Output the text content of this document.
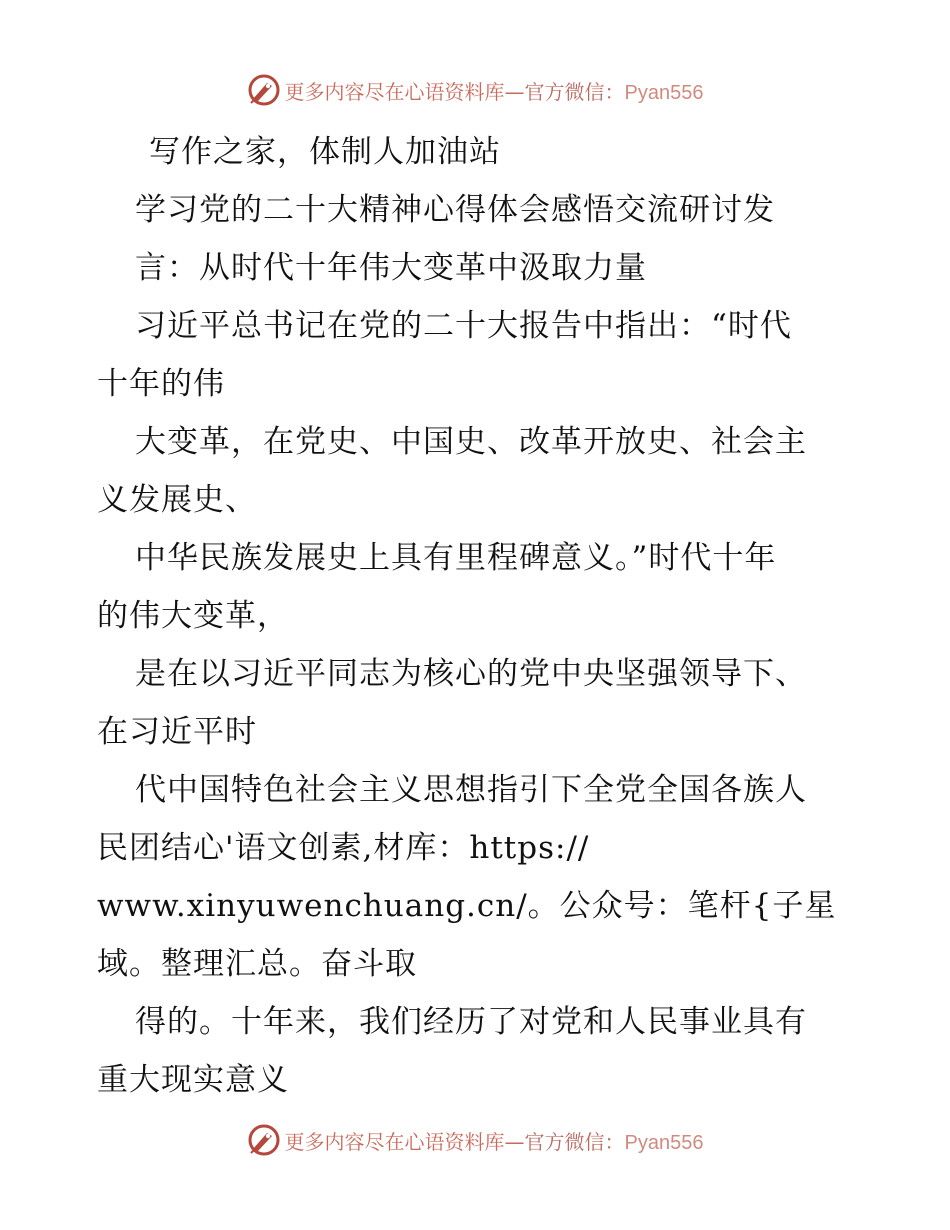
更多内容尽在心语资料库—官方微信：Pyan556
写作之家，体制人加油站
学习党的二十大精神心得体会感悟交流研讨发
言：从时代十年伟大变革中汲取力量
习近平总书记在党的二十大报告中指出：“时代
十年的伟
大变革，在党史、中国史、改革开放史、社会主
义发展史、
中华民族发展史上具有里程碑意义。”时代十年
的伟大变革，
是在以习近平同志为核心的党中央坚强领导下、
在习近平时
代中国特色社会主义思想指引下全党全国各族人
民团结心'语文创素,材库：https://
www.xinyuwenchuang.cn/。公众号：笔杆{子星
域。整理汇总。奋斗取
得的。十年来，我们经历了对党和人民事业具有
重大现实意义
更多内容尽在心语资料库—官方微信：Pyan556
